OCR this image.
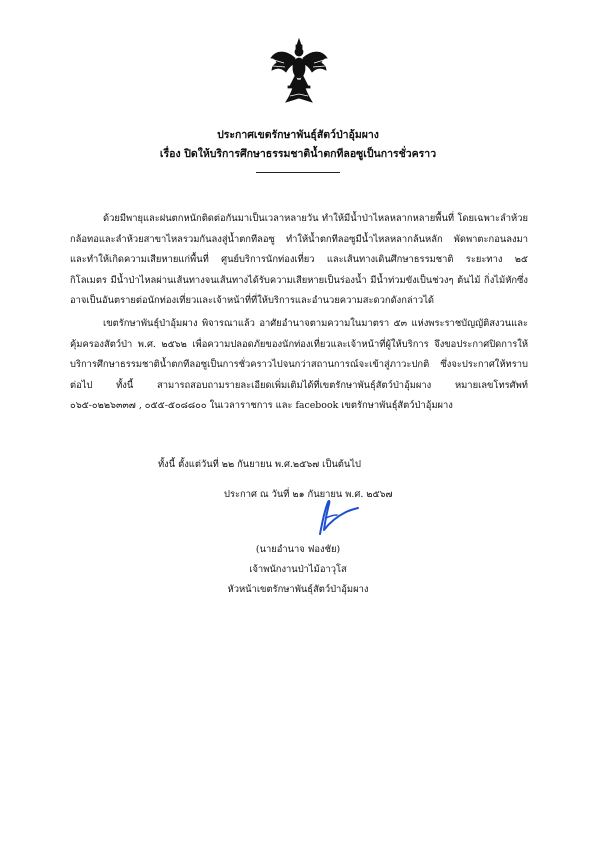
ประกาศเขตรักษาพันธุ์สัตว์ป่าอุ้มผาง
เรื่อง ปิดให้บริการศึกษาธรรมชาติน้ำตกทีลอซูเป็นการชั่วคราว
ด้วยมีพายุและฝนตกหนักติดต่อกันมาเป็นเวลาหลายวัน ทำให้มีน้ำป่าไหลหลากหลายพื้นที่ โดยเฉพาะลำห้วยกล้อทอและลำห้วยสาขาไหลรวมกันลงสู่น้ำตกทีลอซู ทำให้น้ำตกทีลอซูมีน้ำไหลหลากล้นหลัก พัดพาตะกอนลงมา และทำให้เกิดความเสียหายแก่พื้นที่ ศูนย์บริการนักท่องเที่ยว และเส้นทางเดินศึกษาธรรมชาติ ระยะทาง ๒๕ กิโลเมตร มีน้ำป่าไหลผ่านเส้นทางจนเส้นทางได้รับความเสียหายเป็นร่องน้ำ มีน้ำท่วมขังเป็นช่วงๆ ต้นไม้ กิ่งไม้หักซึ่งอาจเป็นอันตรายต่อนักท่องเที่ยวและเจ้าหน้าที่ที่ให้บริการและอำนวยความสะดวกดังกล่าวได้
เขตรักษาพันธุ์ป่าอุ้มผาง พิจารณาแล้ว อาศัยอำนาจตามความในมาตรา ๕๓ แห่งพระราชบัญญัติสงวนและคุ้มครองสัตว์ป่า พ.ศ. ๒๕๖๒ เพื่อความปลอดภัยของนักท่องเที่ยวและเจ้าหน้าที่ผู้ให้บริการ จึงขอประกาศปิดการให้บริการศึกษาธรรมชาติน้ำตกทีลอซูเป็นการชั่วคราวไปจนกว่าสถานการณ์จะเข้าสู่ภาวะปกติ ซึ่งจะประกาศให้ทราบต่อไป ทั้งนี้ สามารถสอบถามรายละเอียดเพิ่มเติมได้ที่เขตรักษาพันธุ์สัตว์ป่าอุ้มผาง หมายเลขโทรศัพท์ ๐๖๕-๐๒๒๖๓๓๗ , ๐๕๕-๕๐๘๘๐๐ ในเวลาราชการ และ facebook เขตรักษาพันธุ์สัตว์ป่าอุ้มผาง
ทั้งนี้ ตั้งแต่วันที่ ๒๒ กันยายน พ.ศ.๒๕๖๗ เป็นต้นไป
ประกาศ ณ วันที่ ๒๑ กันยายน พ.ศ. ๒๕๖๗
(นายอำนาจ ฟองชัย)
เจ้าพนักงานป่าไม้อาวุโส
หัวหน้าเขตรักษาพันธุ์สัตว์ป่าอุ้มผาง
